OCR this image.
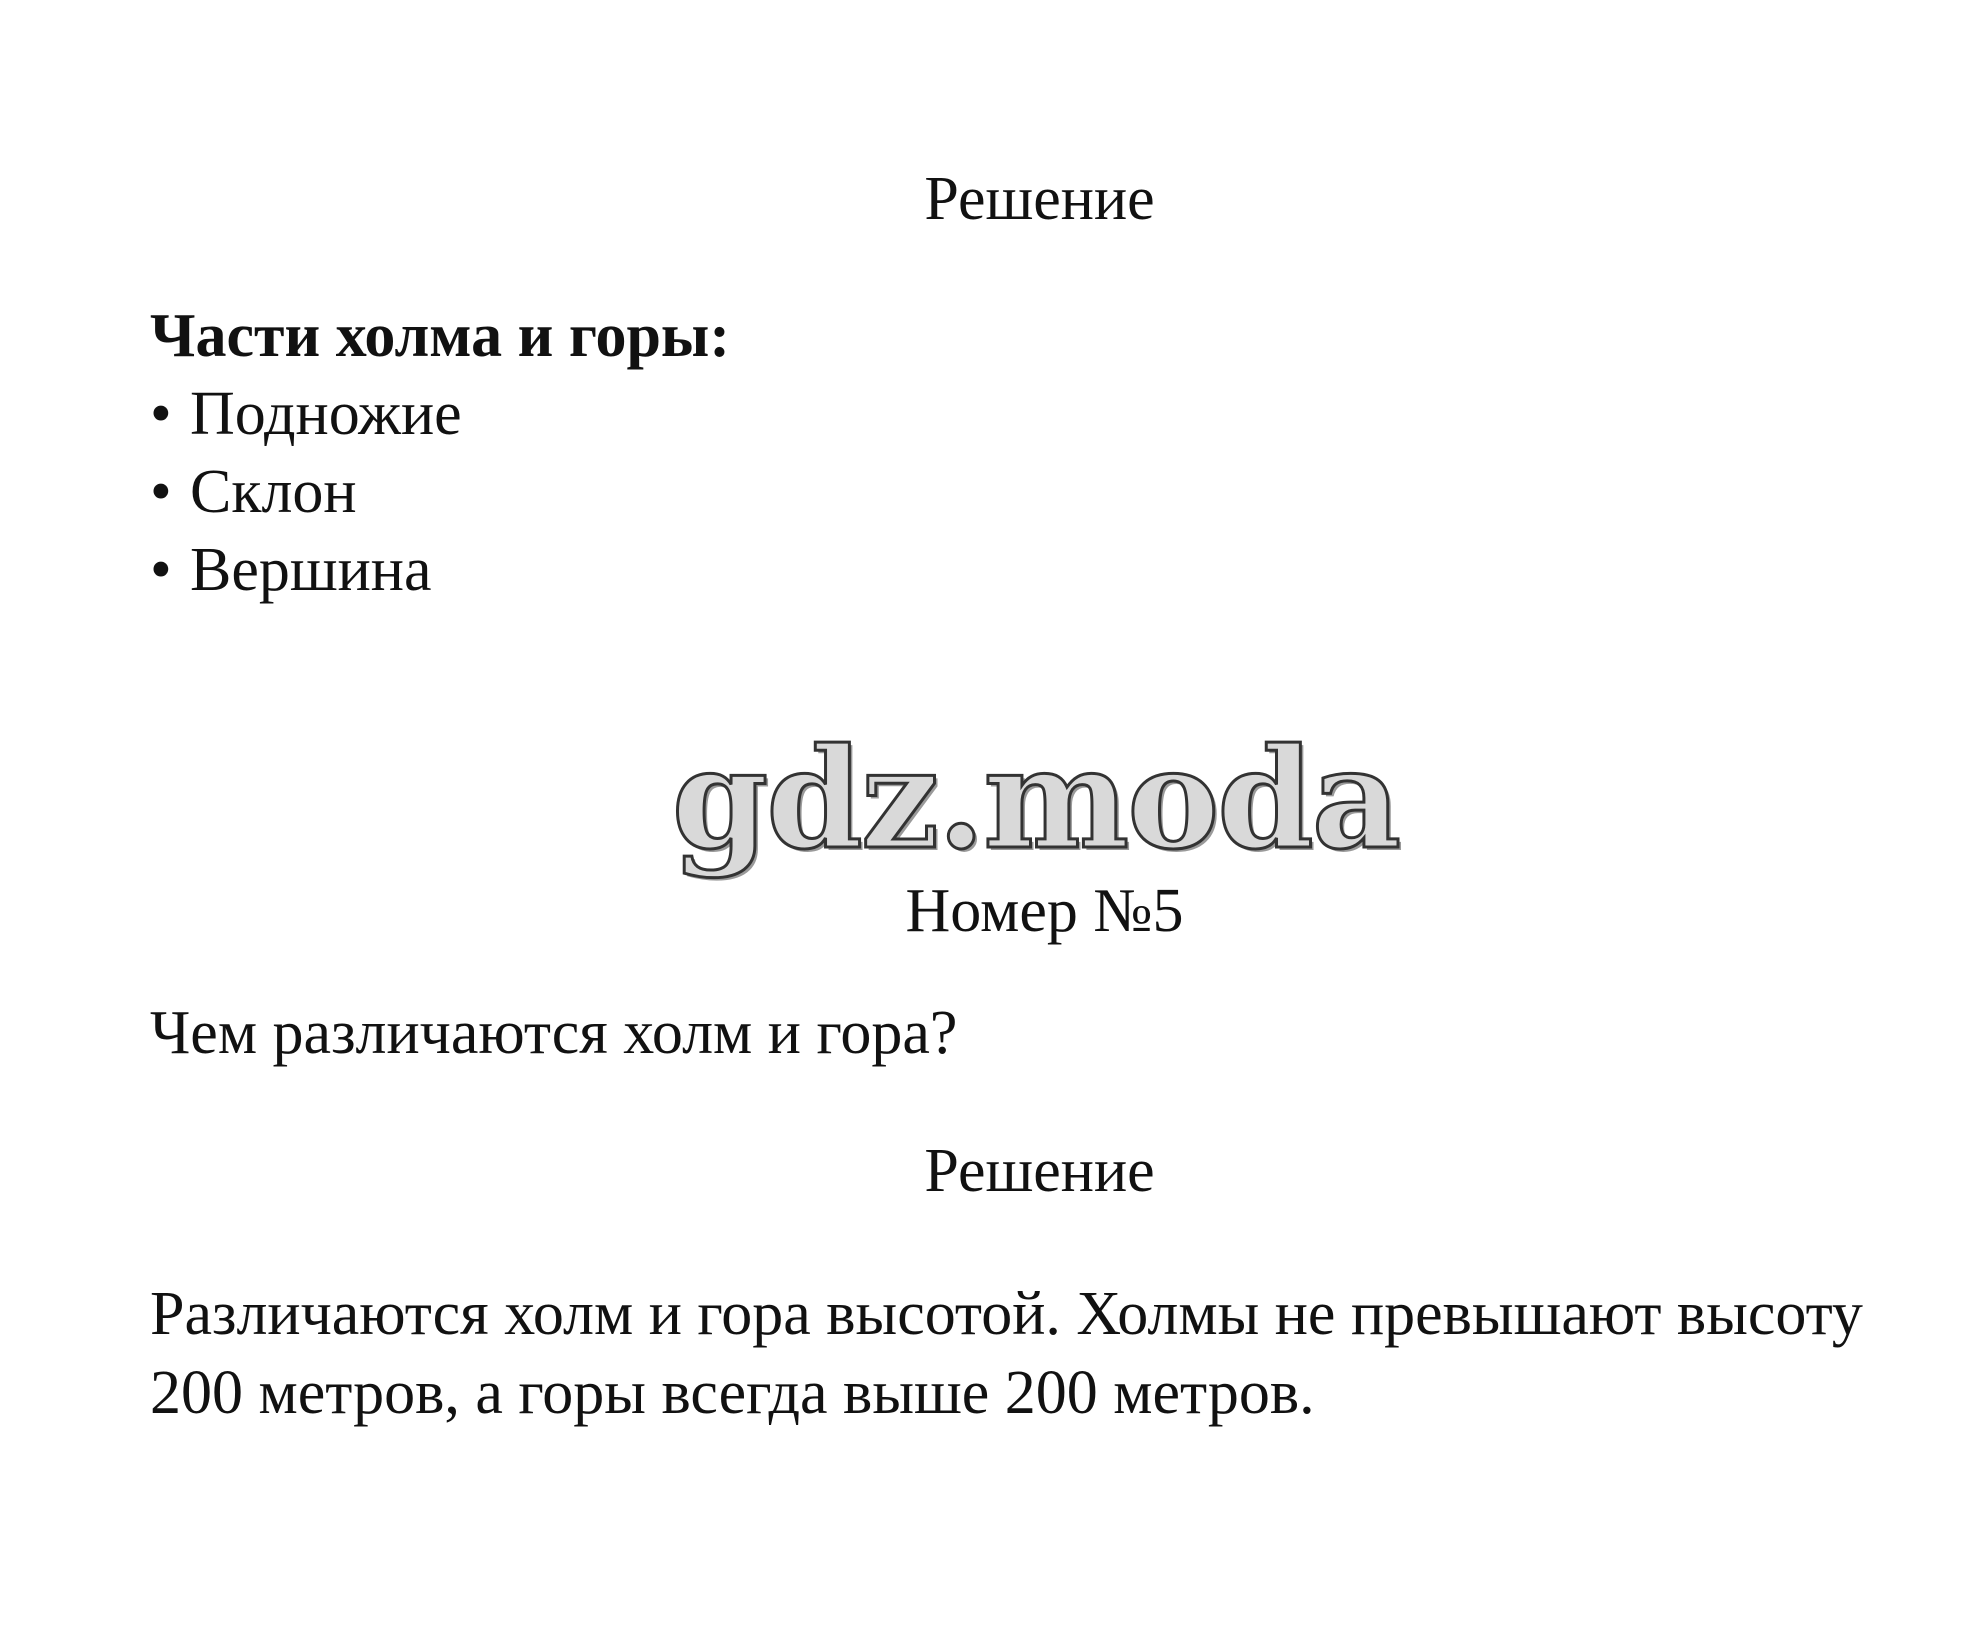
Решение

Части холма и горы:

• Подножие
• Склон
• Вершина
gdz.moda
Номер №5
Чем различаются холм и гора?
Решение
Различаются холм и гора высотой. Холмы не превышают высоту 200 метров, а горы всегда выше 200 метров.
